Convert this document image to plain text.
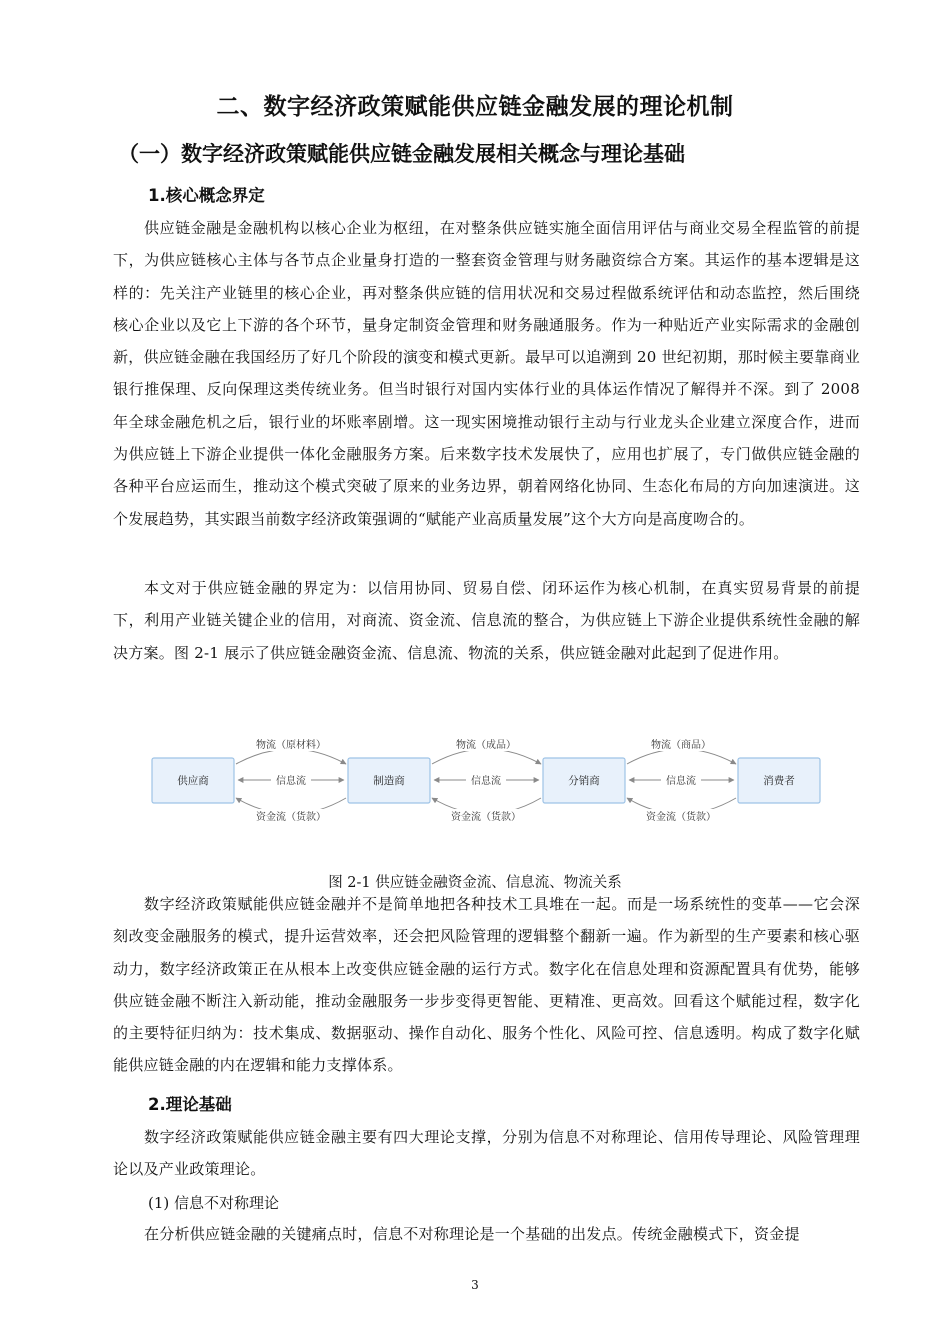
二、数字经济政策赋能供应链金融发展的理论机制
（一）数字经济政策赋能供应链金融发展相关概念与理论基础
1.核心概念界定

供应链金融是金融机构以核心企业为枢纽，在对整条供应链实施全面信用评估与商业交易全程监管的前提下，为供应链核心主体与各节点企业量身打造的一整套资金管理与财务融资综合方案。其运作的基本逻辑是这样的：先关注产业链里的核心企业，再对整条供应链的信用状况和交易过程做系统评估和动态监控，然后围绕核心企业以及它上下游的各个环节，量身定制资金管理和财务融通服务。作为一种贴近产业实际需求的金融创新，供应链金融在我国经历了好几个阶段的演变和模式更新。最早可以追溯到 20 世纪初期，那时候主要靠商业银行推保理、反向保理这类传统业务。但当时银行对国内实体行业的具体运作情况了解得并不深。到了 2008 年全球金融危机之后，银行业的坏账率剧增。这一现实困境推动银行主动与行业龙头企业建立深度合作，进而为供应链上下游企业提供一体化金融服务方案。后来数字技术发展快了，应用也扩展了，专门做供应链金融的各种平台应运而生，推动这个模式突破了原来的业务边界，朝着网络化协同、生态化布局的方向加速演进。这个发展趋势，其实跟当前数字经济政策强调的“赋能产业高质量发展”这个大方向是高度吻合的。

本文对于供应链金融的界定为：以信用协同、贸易自偿、闭环运作为核心机制，在真实贸易背景的前提下，利用产业链关键企业的信用，对商流、资金流、信息流的整合，为供应链上下游企业提供系统性金融的解决方案。图 2-1 展示了供应链金融资金流、信息流、物流的关系，供应链金融对此起到了促进作用。

供应商	制造商	分销商	消费者
物流（原材料）
信息流
资金流（货款）
物流（成品）
信息流
资金流（货款）
物流（商品）
信息流
资金流（货款）

图 2-1 供应链金融资金流、信息流、物流关系

数字经济政策赋能供应链金融并不是简单地把各种技术工具堆在一起。而是一场系统性的变革——它会深刻改变金融服务的模式，提升运营效率，还会把风险管理的逻辑整个翻新一遍。作为新型的生产要素和核心驱动力，数字经济政策正在从根本上改变供应链金融的运行方式。数字化在信息处理和资源配置具有优势，能够供应链金融不断注入新动能，推动金融服务一步步变得更智能、更精准、更高效。回看这个赋能过程，数字化的主要特征归纳为：技术集成、数据驱动、操作自动化、服务个性化、风险可控、信息透明。构成了数字化赋能供应链金融的内在逻辑和能力支撑体系。

2.理论基础

数字经济政策赋能供应链金融主要有四大理论支撑，分别为信息不对称理论、信用传导理论、风险管理理论以及产业政策理论。

(1) 信息不对称理论

在分析供应链金融的关键痛点时，信息不对称理论是一个基础的出发点。传统金融模式下，资金提

3
